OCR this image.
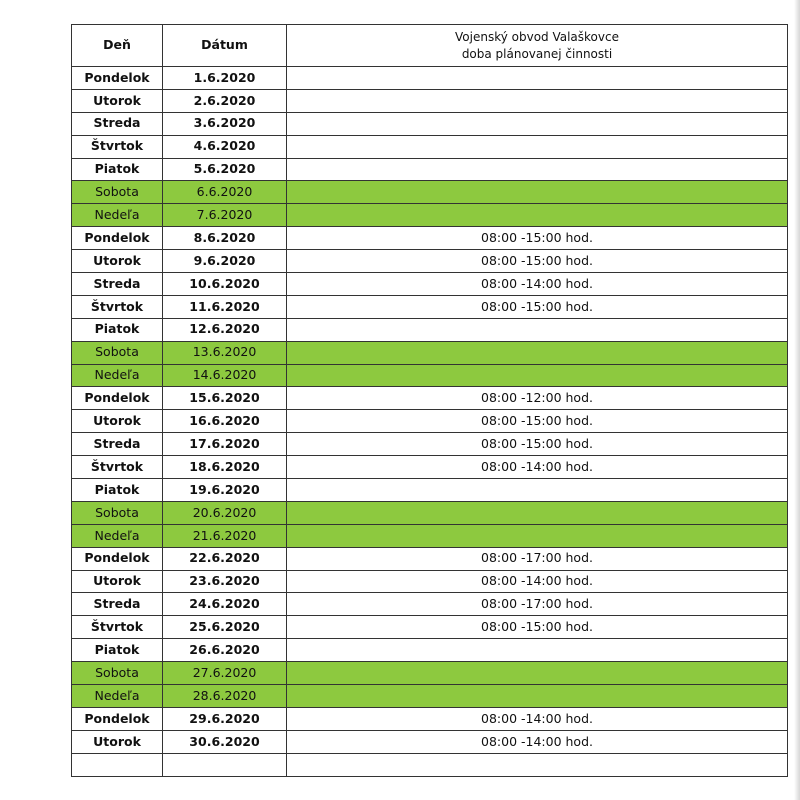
Deň	Dátum	Vojenský obvod Valaškovce
doba plánovanej činnosti
Pondelok	1.6.2020	
Utorok	2.6.2020	
Streda	3.6.2020	
Štvrtok	4.6.2020	
Piatok	5.6.2020	
Sobota	6.6.2020	
Nedeľa	7.6.2020	
Pondelok	8.6.2020	08:00 -15:00 hod.
Utorok	9.6.2020	08:00 -15:00 hod.
Streda	10.6.2020	08:00 -14:00 hod.
Štvrtok	11.6.2020	08:00 -15:00 hod.
Piatok	12.6.2020	
Sobota	13.6.2020	
Nedeľa	14.6.2020	
Pondelok	15.6.2020	08:00 -12:00 hod.
Utorok	16.6.2020	08:00 -15:00 hod.
Streda	17.6.2020	08:00 -15:00 hod.
Štvrtok	18.6.2020	08:00 -14:00 hod.
Piatok	19.6.2020	
Sobota	20.6.2020	
Nedeľa	21.6.2020	
Pondelok	22.6.2020	08:00 -17:00 hod.
Utorok	23.6.2020	08:00 -14:00 hod.
Streda	24.6.2020	08:00 -17:00 hod.
Štvrtok	25.6.2020	08:00 -15:00 hod.
Piatok	26.6.2020	
Sobota	27.6.2020	
Nedeľa	28.6.2020	
Pondelok	29.6.2020	08:00 -14:00 hod.
Utorok	30.6.2020	08:00 -14:00 hod.
